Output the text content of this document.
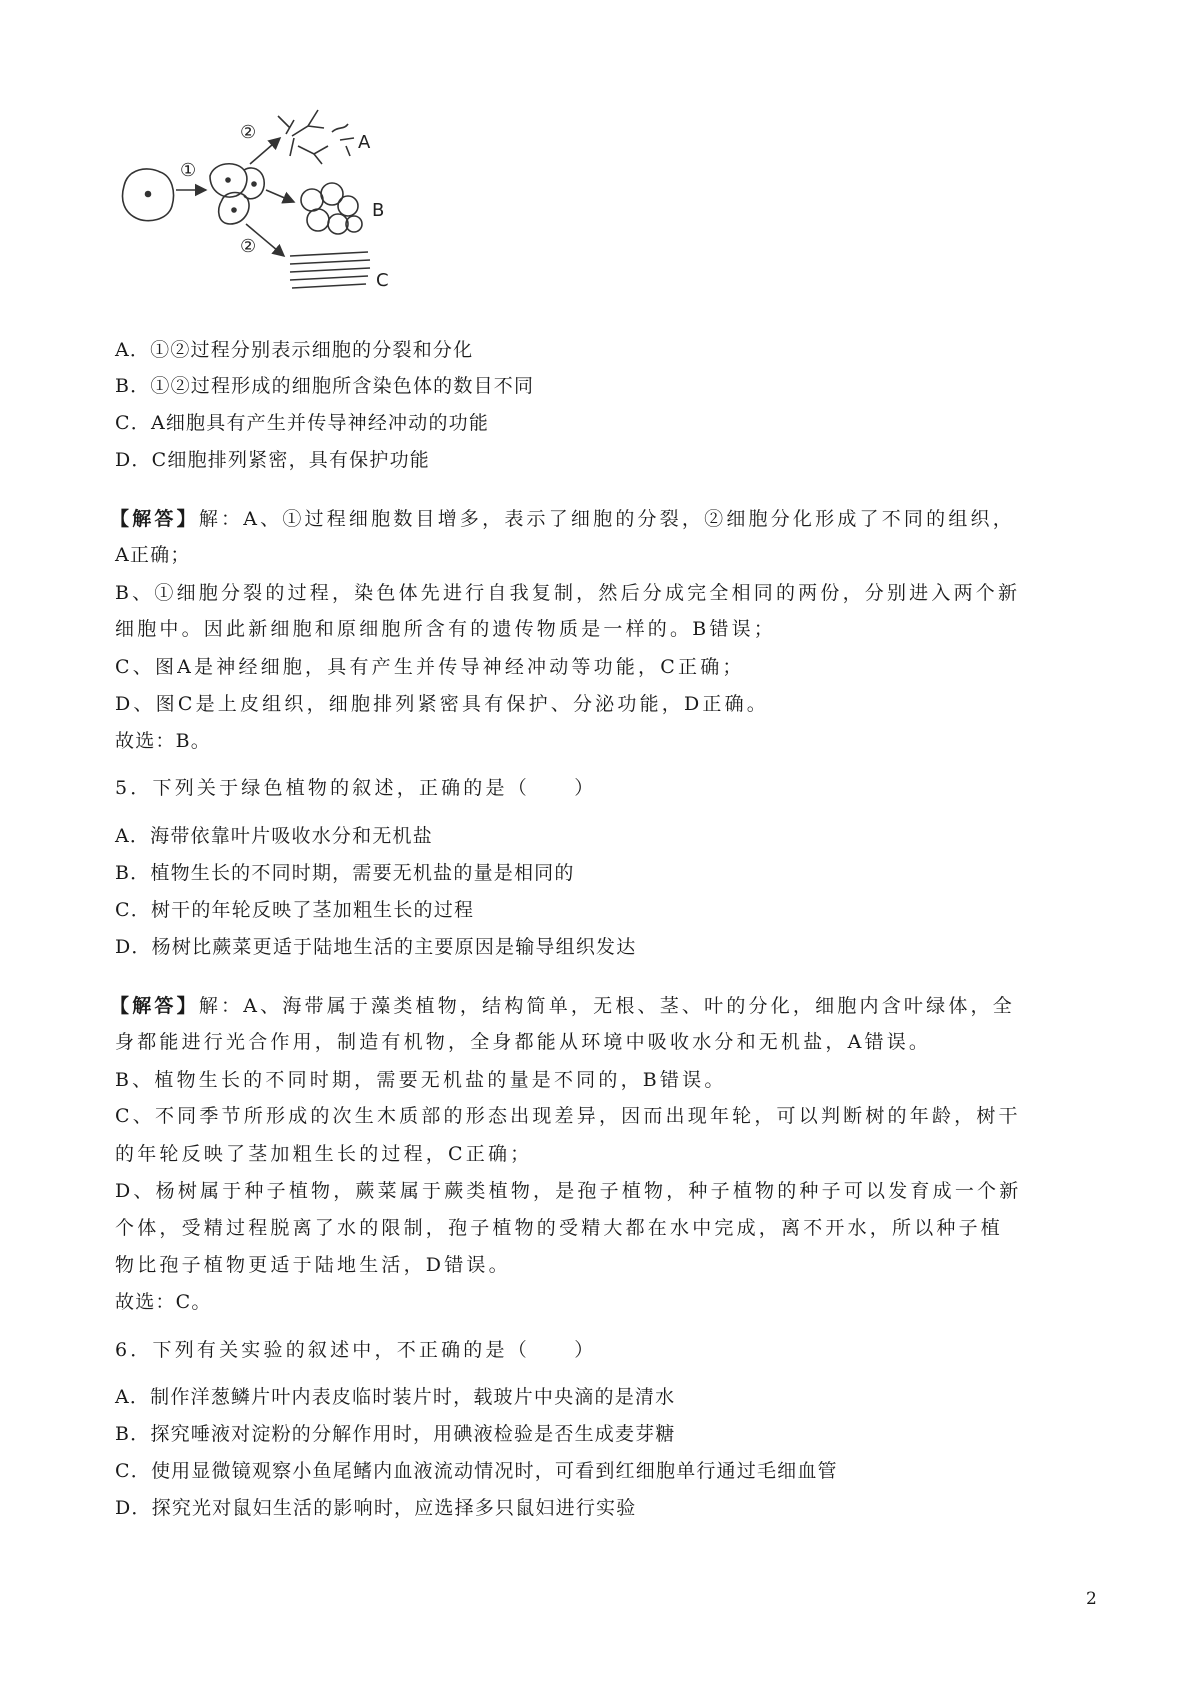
①
②
②
A
B
C
A．①②过程分别表示细胞的分裂和分化
B．①②过程形成的细胞所含染色体的数目不同
C．A细胞具有产生并传导神经冲动的功能
D．C细胞排列紧密，具有保护功能
【解答】解：A、①过程细胞数目增多，表示了细胞的分裂，②细胞分化形成了不同的组织，
A正确；
B、①细胞分裂的过程，染色体先进行自我复制，然后分成完全相同的两份，分别进入两个新
细胞中。因此新细胞和原细胞所含有的遗传物质是一样的。B错误；
C、图A是神经细胞，具有产生并传导神经冲动等功能，C正确；
D、图C是上皮组织，细胞排列紧密具有保护、分泌功能，D正确。
故选：B。
5．下列关于绿色植物的叙述，正确的是（　　）
A．海带依靠叶片吸收水分和无机盐
B．植物生长的不同时期，需要无机盐的量是相同的
C．树干的年轮反映了茎加粗生长的过程
D．杨树比蕨菜更适于陆地生活的主要原因是输导组织发达
【解答】解：A、海带属于藻类植物，结构简单，无根、茎、叶的分化，细胞内含叶绿体，全
身都能进行光合作用，制造有机物，全身都能从环境中吸收水分和无机盐，A错误。
B、植物生长的不同时期，需要无机盐的量是不同的，B错误。
C、不同季节所形成的次生木质部的形态出现差异，因而出现年轮，可以判断树的年龄，树干
的年轮反映了茎加粗生长的过程，C正确；
D、杨树属于种子植物，蕨菜属于蕨类植物，是孢子植物，种子植物的种子可以发育成一个新
个体，受精过程脱离了水的限制，孢子植物的受精大都在水中完成，离不开水，所以种子植
物比孢子植物更适于陆地生活，D错误。
故选：C。
6．下列有关实验的叙述中，不正确的是（　　）
A．制作洋葱鳞片叶内表皮临时装片时，载玻片中央滴的是清水
B．探究唾液对淀粉的分解作用时，用碘液检验是否生成麦芽糖
C．使用显微镜观察小鱼尾鳍内血液流动情况时，可看到红细胞单行通过毛细血管
D．探究光对鼠妇生活的影响时，应选择多只鼠妇进行实验
2
